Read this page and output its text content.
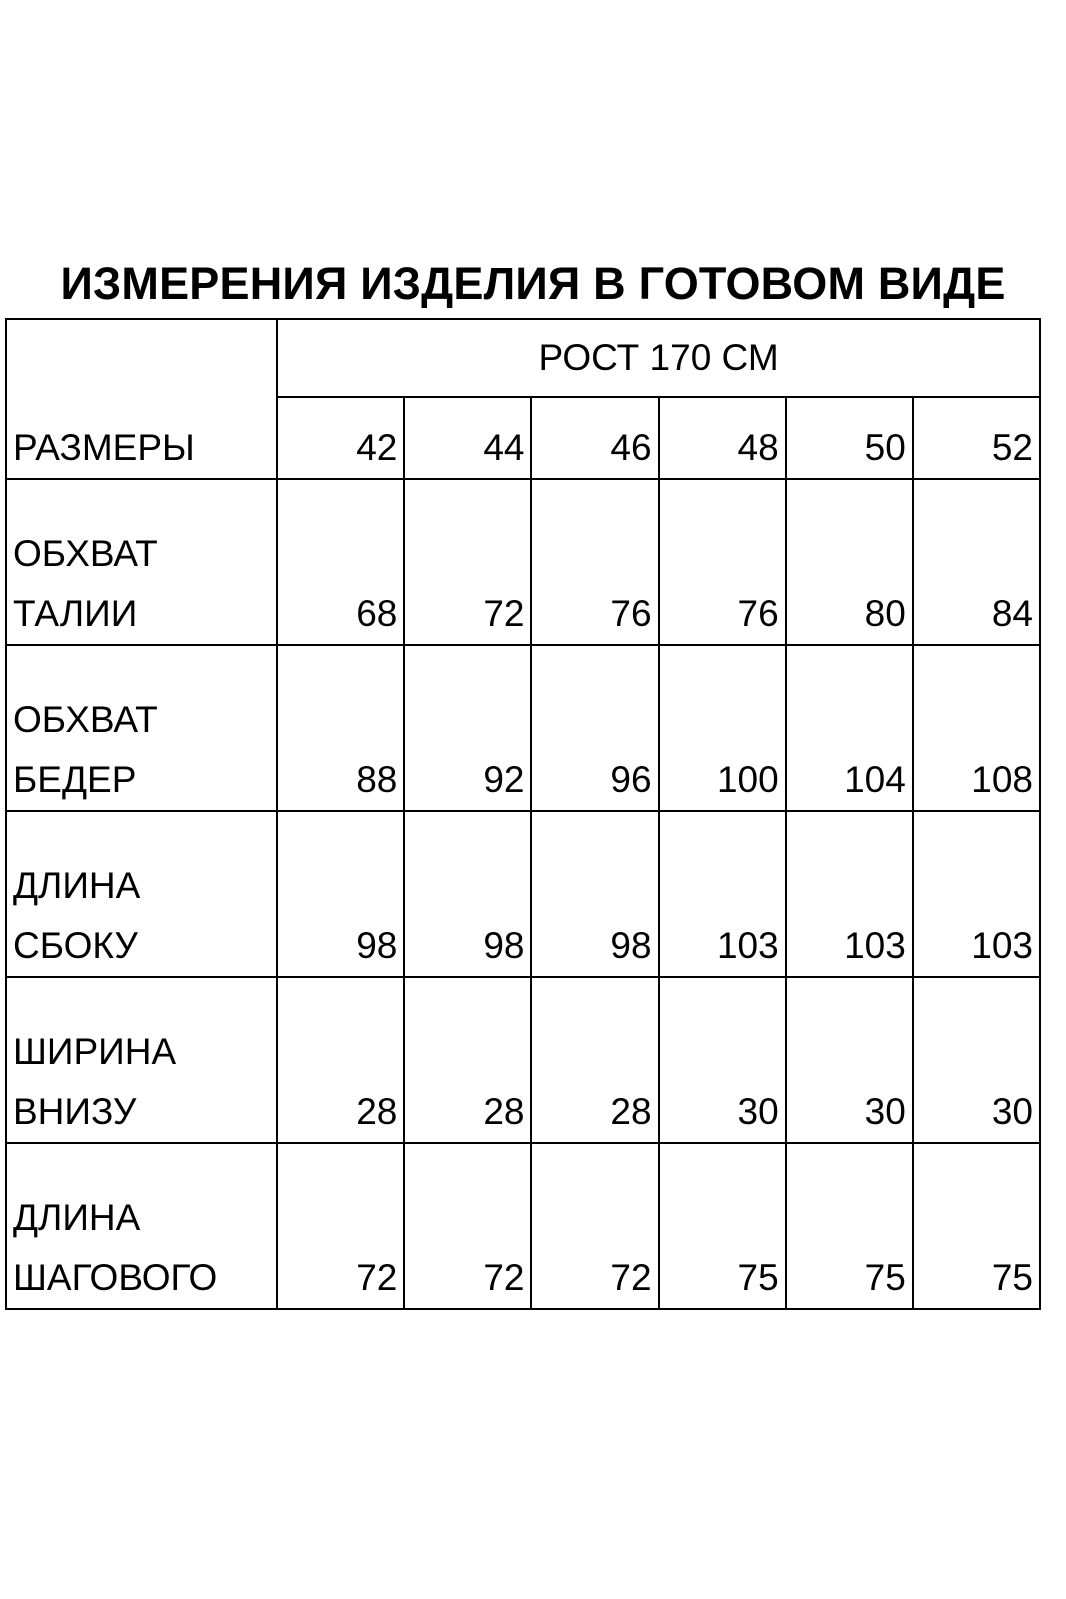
ИЗМЕРЕНИЯ ИЗДЕЛИЯ В ГОТОВОМ ВИДЕ
РАЗМЕРЫ	РОСТ 170 СМ					
	42	44	46	48	50	52

ОБХВАТ
ТАЛИИ	68	72	76	76	80	84

ОБХВАТ
БЕДЕР	88	92	96	100	104	108

ДЛИНА
СБОКУ	98	98	98	103	103	103

ШИРИНА
ВНИЗУ	28	28	28	30	30	30

ДЛИНА
ШАГОВОГО	72	72	72	75	75	75
